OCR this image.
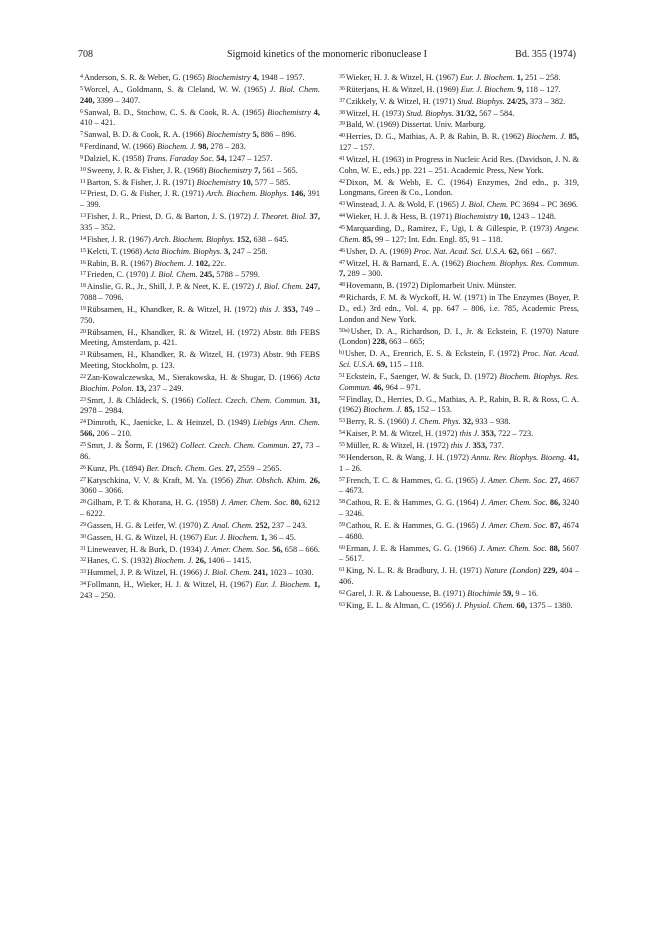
708	Sigmoid kinetics of the monomeric ribonuclease I	Bd. 355 (1974)

$^4$Anderson, S. R. & Weber, G. (1965) Biochemistry 4, 1948 – 1957.

$^5$Worcel, A., Goldmann, S. & Cleland, W. W. (1965) J. Biol. Chem. 240, 3399 – 3407.

$^6$Sanwal, B. D., Stochow, C. S. & Cook, R. A. (1965) Biochemistry 4, 410 – 421.

$^7$Sanwal, B. D. & Cook, R. A. (1966) Biochemistry 5, 886 – 896.

$^8$Ferdinand, W. (1966) Biochem. J. 98, 278 – 283.

$^9$Dalziel, K. (1958) Trans. Faraday Soc. 54, 1247 – 1257.

$^{10}$Sweeny, J. R. & Fisher, J. R. (1968) Biochemistry 7, 561 – 565.

$^{11}$Barton, S. & Fisher, J. R. (1971) Biochemistry 10, 577 – 585.

$^{12}$Priest, D. G. & Fisher, J. R. (1971) Arch. Biochem. Biophys. 146, 391 – 399.

$^{13}$Fisher, J. R., Priest, D. G. & Barton, J. S. (1972) J. Theoret. Biol. 37, 335 – 352.

$^{14}$Fisher, J. R. (1967) Arch. Biochem. Biophys. 152, 638 – 645.

$^{15}$Kelcti, T. (1968) Acta Biochim. Biophys. 3, 247 – 258.

$^{16}$Rabin, B. R. (1967) Biochem. J. 102, 22c.

$^{17}$Frieden, C. (1970) J. Biol. Chem. 245, 5788 – 5799.

$^{18}$Ainslie, G. R., Jr., Shill, J. P. & Neet, K. E. (1972) J. Biol. Chem. 247, 7088 – 7096.

$^{19}$Rübsamen, H., Khandker, R. & Witzel, H. (1972) this J. 353, 749 – 750.

$^{20}$Rübsamen, H., Khandker, R. & Witzel, H. (1972) Abstr. 8th FEBS Meeting, Amsterdam, p. 421.

$^{21}$Rübsamen, H., Khandker, R. & Witzel, H. (1973) Abstr. 9th FEBS Meeting, Stockholm, p. 123.

$^{22}$Zan-Kowalczewska, M., Sierakowska, H. & Shugar, D. (1966) Acta Biochim. Polon. 13, 237 – 249.

$^{23}$Smrt, J. & Chládeck, S. (1966) Collect. Czech. Chem. Commun. 31, 2978 – 2984.

$^{24}$Dimroth, K., Jaenicke, L. & Heinzel, D. (1949) Liebigs Ann. Chem. 566, 206 – 210.

$^{25}$Smrt, J. & Šorm, F. (1962) Collect. Czech. Chem. Commun. 27, 73 – 86.

$^{26}$Kunz, Ph. (1894) Ber. Dtsch. Chem. Ges. 27, 2559 – 2565.

$^{27}$Katyschkina, V. V. & Kraft, M. Ya. (1956) Zhur. Obshch. Khim. 26, 3060 – 3066.

$^{28}$Gilham, P. T. & Khorana, H. G. (1958) J. Amer. Chem. Soc. 80, 6212 – 6222.

$^{29}$Gassen, H. G. & Leifer, W. (1970) Z. Anal. Chem. 252, 237 – 243.

$^{30}$Gassen, H. G. & Witzel, H. (1967) Eur. J. Biochem. 1, 36 – 45.

$^{31}$Lineweaver, H. & Burk, D. (1934) J. Amer. Chem. Soc. 56, 658 – 666.

$^{32}$Hanes, C. S. (1932) Biochem. J. 26, 1406 – 1415.

$^{33}$Hummel, J. P. & Witzel, H. (1966) J. Biol. Chem. 241, 1023 – 1030.

$^{34}$Follmann, H., Wieker, H. J. & Witzel, H. (1967) Eur. J. Biochem. 1, 243 – 250.

$^{35}$Wieker, H. J. & Witzel, H. (1967) Eur. J. Biochem. 1, 251 – 258.

$^{36}$Rüterjans, H. & Witzel, H. (1969) Eur. J. Biochem. 9, 118 – 127.

$^{37}$Czikkely, V. & Witzel, H. (1971) Stud. Biophys. 24/25, 373 – 382.

$^{38}$Witzel, H. (1973) Stud. Biophys. 31/32, 567 – 584.

$^{39}$Bald, W. (1969) Dissertat. Univ. Marburg.

$^{40}$Herries, D. G., Mathias, A. P. & Rabin, B. R. (1962) Biochem. J. 85, 127 – 157.

$^{41}$Witzel, H. (1963) in Progress in Nucleic Acid Res. (Davidson, J. N. & Cohn, W. E., eds.) pp. 221 – 251. Academic Press, New York.

$^{42}$Dixon, M. & Webb, E. C. (1964) Enzymes, 2nd edn., p. 319, Longmans, Green & Co., London.

$^{43}$Winstead, J. A. & Wold, F. (1965) J. Biol. Chem. PC 3694 – PC 3696.

$^{44}$Wieker, H. J. & Hess, B. (1971) Biochemistry 10, 1243 – 1248.

$^{45}$Marquarding, D., Ramirez, F., Ugi, I. & Gillespie, P. (1973) Angew. Chem. 85, 99 – 127; Int. Edn. Engl. 85, 91 – 118.

$^{46}$Usher, D. A. (1969) Proc. Nat. Acad. Sci. U.S.A. 62, 661 – 667.

$^{47}$Witzel, H. & Barnard, E. A. (1962) Biochem. Biophys. Res. Commun. 7, 289 – 300.

$^{48}$Hovemann, B. (1972) Diplomarbeit Univ. Münster.

$^{49}$Richards, F. M. & Wyckoff, H. W. (1971) in The Enzymes (Boyer, P. D., ed.) 3rd edn., Vol. 4, pp. 647 – 806, i.e. 785, Academic Press, London and New York.

$^{50a)}$Usher, D. A., Richardson, D. I., Jr. & Eckstein, F. (1970) Nature (London) 228, 663 – 665;

$^{b)}$Usher, D. A., Erenrich, E. S. & Eckstein, F. (1972) Proc. Nat. Acad. Sci. U.S.A. 69, 115 – 118.

$^{51}$Eckstein, F., Saenger, W. & Suck, D. (1972) Biochem. Biophys. Res. Commun. 46, 964 – 971.

$^{52}$Findlay, D., Herries, D. G., Mathias, A. P., Rabin, B. R. & Ross, C. A. (1962) Biochem. J. 85, 152 – 153.

$^{53}$Berry, R. S. (1960) J. Chem. Phys. 32, 933 – 938.

$^{54}$Kaiser, P. M. & Witzel, H. (1972) this J. 353, 722 – 723.

$^{55}$Müller, R. & Witzel, H. (1972) this J. 353, 737.

$^{56}$Henderson, R. & Wang, J. H. (1972) Annu. Rev. Biophys. Bioeng. 41, 1 – 26.

$^{57}$French, T. C. & Hammes, G. G. (1965) J. Amer. Chem. Soc. 27, 4667 – 4673.

$^{58}$Cathou, R. E. & Hammes, G. G. (1964) J. Amer. Chem. Soc. 86, 3240 – 3246.

$^{59}$Cathou, R. E. & Hammes, G. G. (1965) J. Amer. Chem. Soc. 87, 4674 – 4680.

$^{60}$Erman, J. E. & Hammes, G. G. (1966) J. Amer. Chem. Soc. 88, 5607 – 5617.

$^{61}$King, N. L. R. & Bradbury, J. H. (1971) Nature (London) 229, 404 – 406.

$^{62}$Garel, J. R. & Labouesse, B. (1971) Biochimie 59, 9 – 16.

$^{63}$King, E. L. & Altman, C. (1956) J. Physiol. Chem. 60, 1375 – 1380.
